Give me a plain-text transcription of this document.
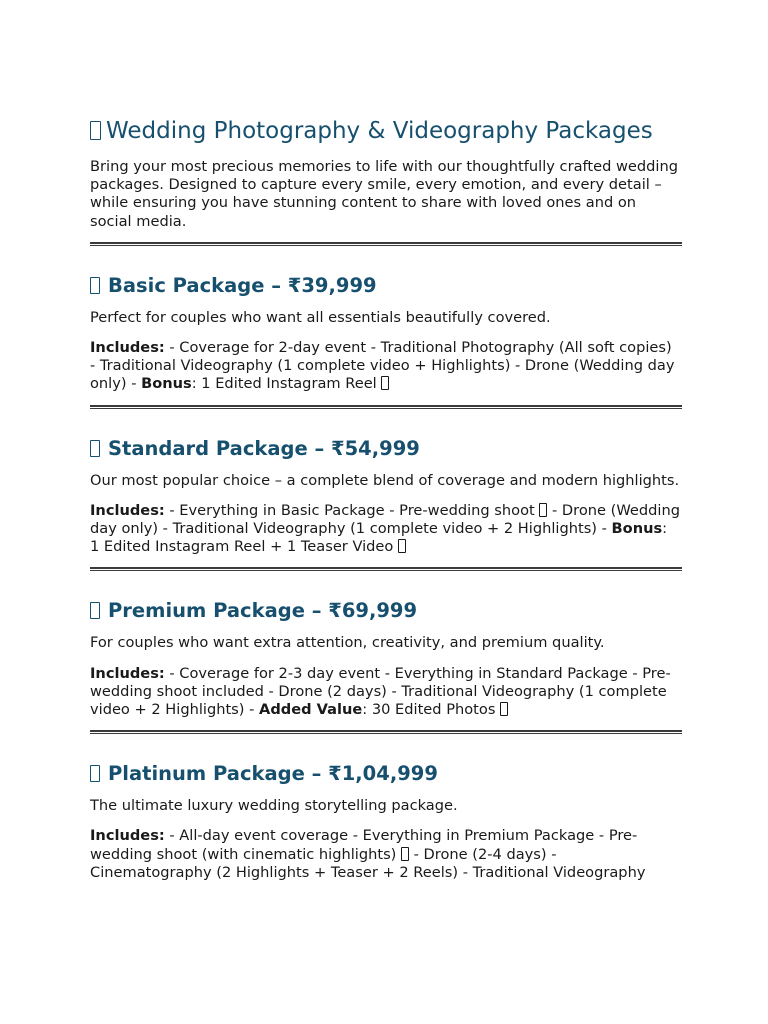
Wedding Photography & Videography Packages

Bring your most precious memories to life with our thoughtfully crafted wedding packages. Designed to capture every smile, every emotion, and every detail – while ensuring you have stunning content to share with loved ones and on social media.

Basic Package – ₹39,999

Perfect for couples who want all essentials beautifully covered.

Includes: - Coverage for 2-day event - Traditional Photography (All soft copies) - Traditional Videography (1 complete video + Highlights) - Drone (Wedding day only) - Bonus: 1 Edited Instagram Reel

Standard Package – ₹54,999

Our most popular choice – a complete blend of coverage and modern highlights.

Includes: - Everything in Basic Package - Pre-wedding shoot  - Drone (Wedding day only) - Traditional Videography (1 complete video + 2 Highlights) - Bonus: 1 Edited Instagram Reel + 1 Teaser Video

Premium Package – ₹69,999

For couples who want extra attention, creativity, and premium quality.

Includes: - Coverage for 2-3 day event - Everything in Standard Package - Pre-wedding shoot included - Drone (2 days) - Traditional Videography (1 complete video + 2 Highlights) - Added Value: 30 Edited Photos

Platinum Package – ₹1,04,999

The ultimate luxury wedding storytelling package.

Includes: - All-day event coverage - Everything in Premium Package - Pre-wedding shoot (with cinematic highlights)  - Drone (2-4 days) - Cinematography (2 Highlights + Teaser + 2 Reels) - Traditional Videography
